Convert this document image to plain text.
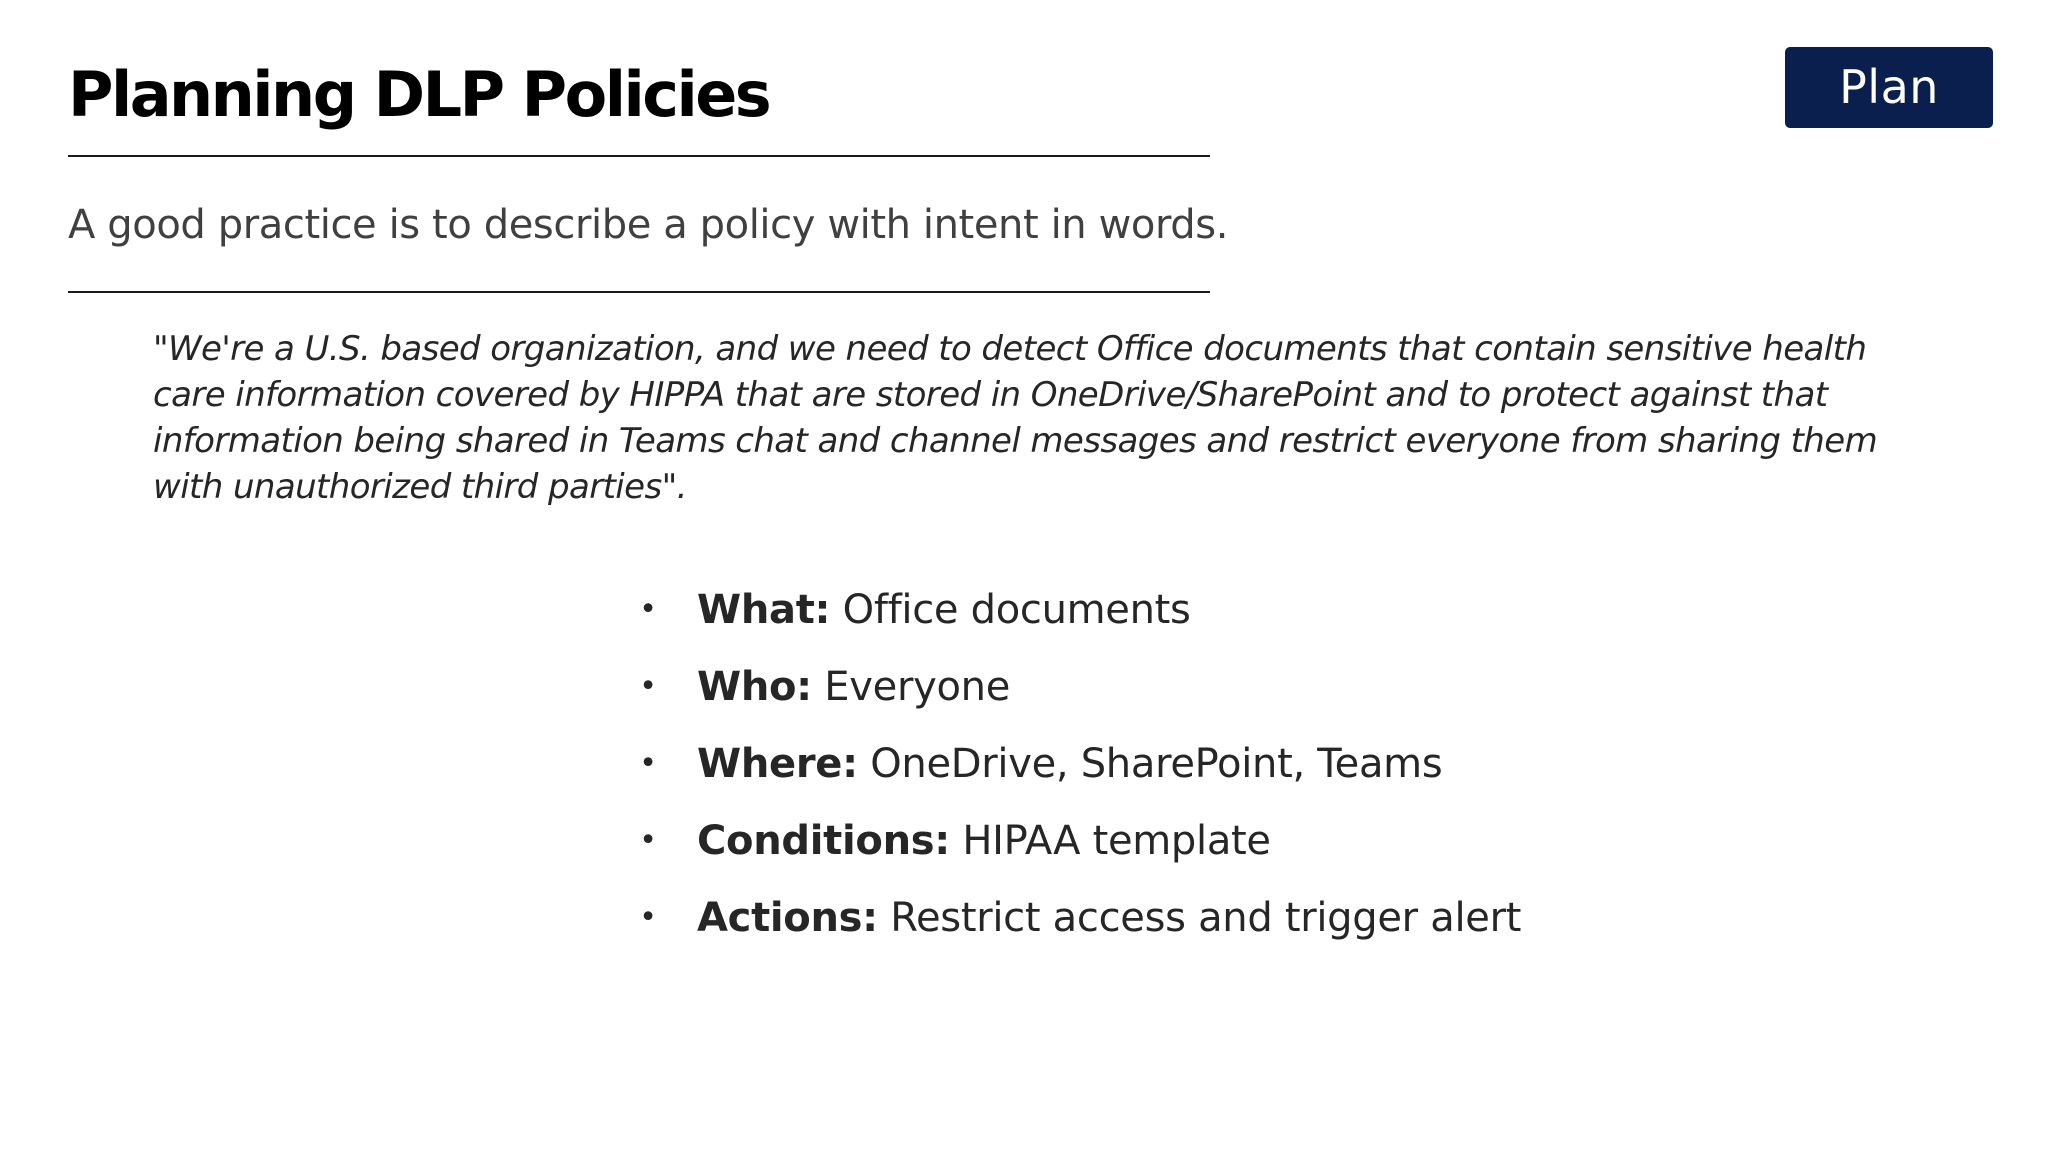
Planning DLP Policies	Plan

A good practice is to describe a policy with intent in words.

"We're a U.S. based organization, and we need to detect Office documents that contain sensitive health care information covered by HIPPA that are stored in OneDrive/SharePoint and to protect against that information being shared in Teams chat and channel messages and restrict everyone from sharing them with unauthorized third parties".

• What: Office documents
• Who: Everyone
• Where: OneDrive, SharePoint, Teams
• Conditions: HIPAA template
• Actions: Restrict access and trigger alert
